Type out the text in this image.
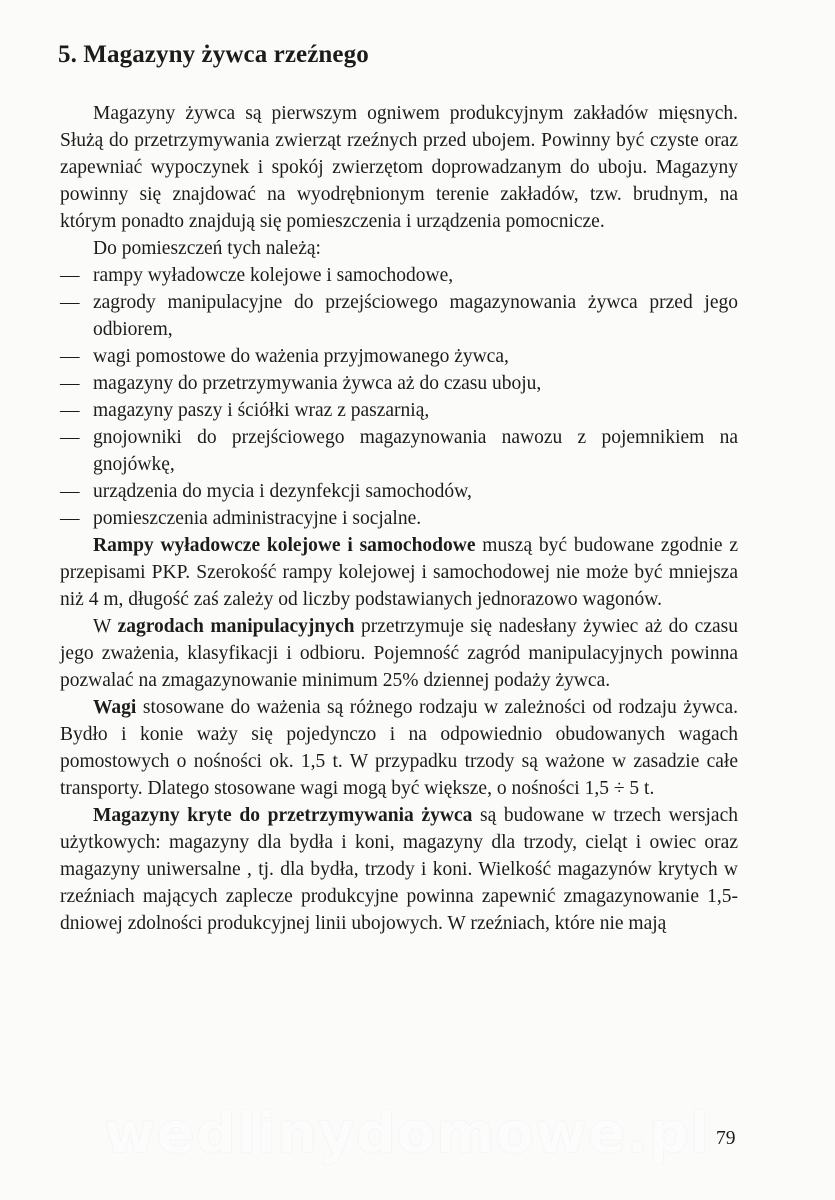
5. Magazyny żywca rzeźnego

Magazyny żywca są pierwszym ogniwem produkcyjnym zakładów mięsnych. Służą do przetrzymywania zwierząt rzeźnych przed ubojem. Powinny być czyste oraz zapewniać wypoczynek i spokój zwierzętom doprowadzanym do uboju. Magazyny powinny się znajdować na wyodrębnionym terenie zakładów, tzw. brudnym, na którym ponadto znajdują się pomieszczenia i urządzenia pomocnicze.

Do pomieszczeń tych należą:

— rampy wyładowcze kolejowe i samochodowe,
— zagrody manipulacyjne do przejściowego magazynowania żywca przed jego odbiorem,
— wagi pomostowe do ważenia przyjmowanego żywca,
— magazyny do przetrzymywania żywca aż do czasu uboju,
— magazyny paszy i ściółki wraz z paszarnią,
— gnojowniki do przejściowego magazynowania nawozu z pojemnikiem na gnojówkę,
— urządzenia do mycia i dezynfekcji samochodów,
— pomieszczenia administracyjne i socjalne.

Rampy wyładowcze kolejowe i samochodowe muszą być budowane zgodnie z przepisami PKP. Szerokość rampy kolejowej i samochodowej nie może być mniejsza niż 4 m, długość zaś zależy od liczby podstawianych jednorazowo wagonów.

W zagrodach manipulacyjnych przetrzymuje się nadesłany żywiec aż do czasu jego zważenia, klasyfikacji i odbioru. Pojemność zagród manipulacyjnych powinna pozwalać na zmagazynowanie minimum 25% dziennej podaży żywca.

Wagi stosowane do ważenia są różnego rodzaju w zależności od rodzaju żywca. Bydło i konie waży się pojedynczo i na odpowiednio obudowanych wagach pomostowych o nośności ok. 1,5 t. W przypadku trzody są ważone w zasadzie całe transporty. Dlatego stosowane wagi mogą być większe, o nośności 1,5 ÷ 5 t.

Magazyny kryte do przetrzymywania żywca są budowane w trzech wersjach użytkowych: magazyny dla bydła i koni, magazyny dla trzody, cieląt i owiec oraz magazyny uniwersalne , tj. dla bydła, trzody i koni. Wielkość magazynów krytych w rzeźniach mających zaplecze produkcyjne powinna zapewnić zmagazynowanie 1,5-dniowej zdolności produkcyjnej linii ubojowych. W rzeźniach, które nie mają

wedlinydomowe.pl 79
